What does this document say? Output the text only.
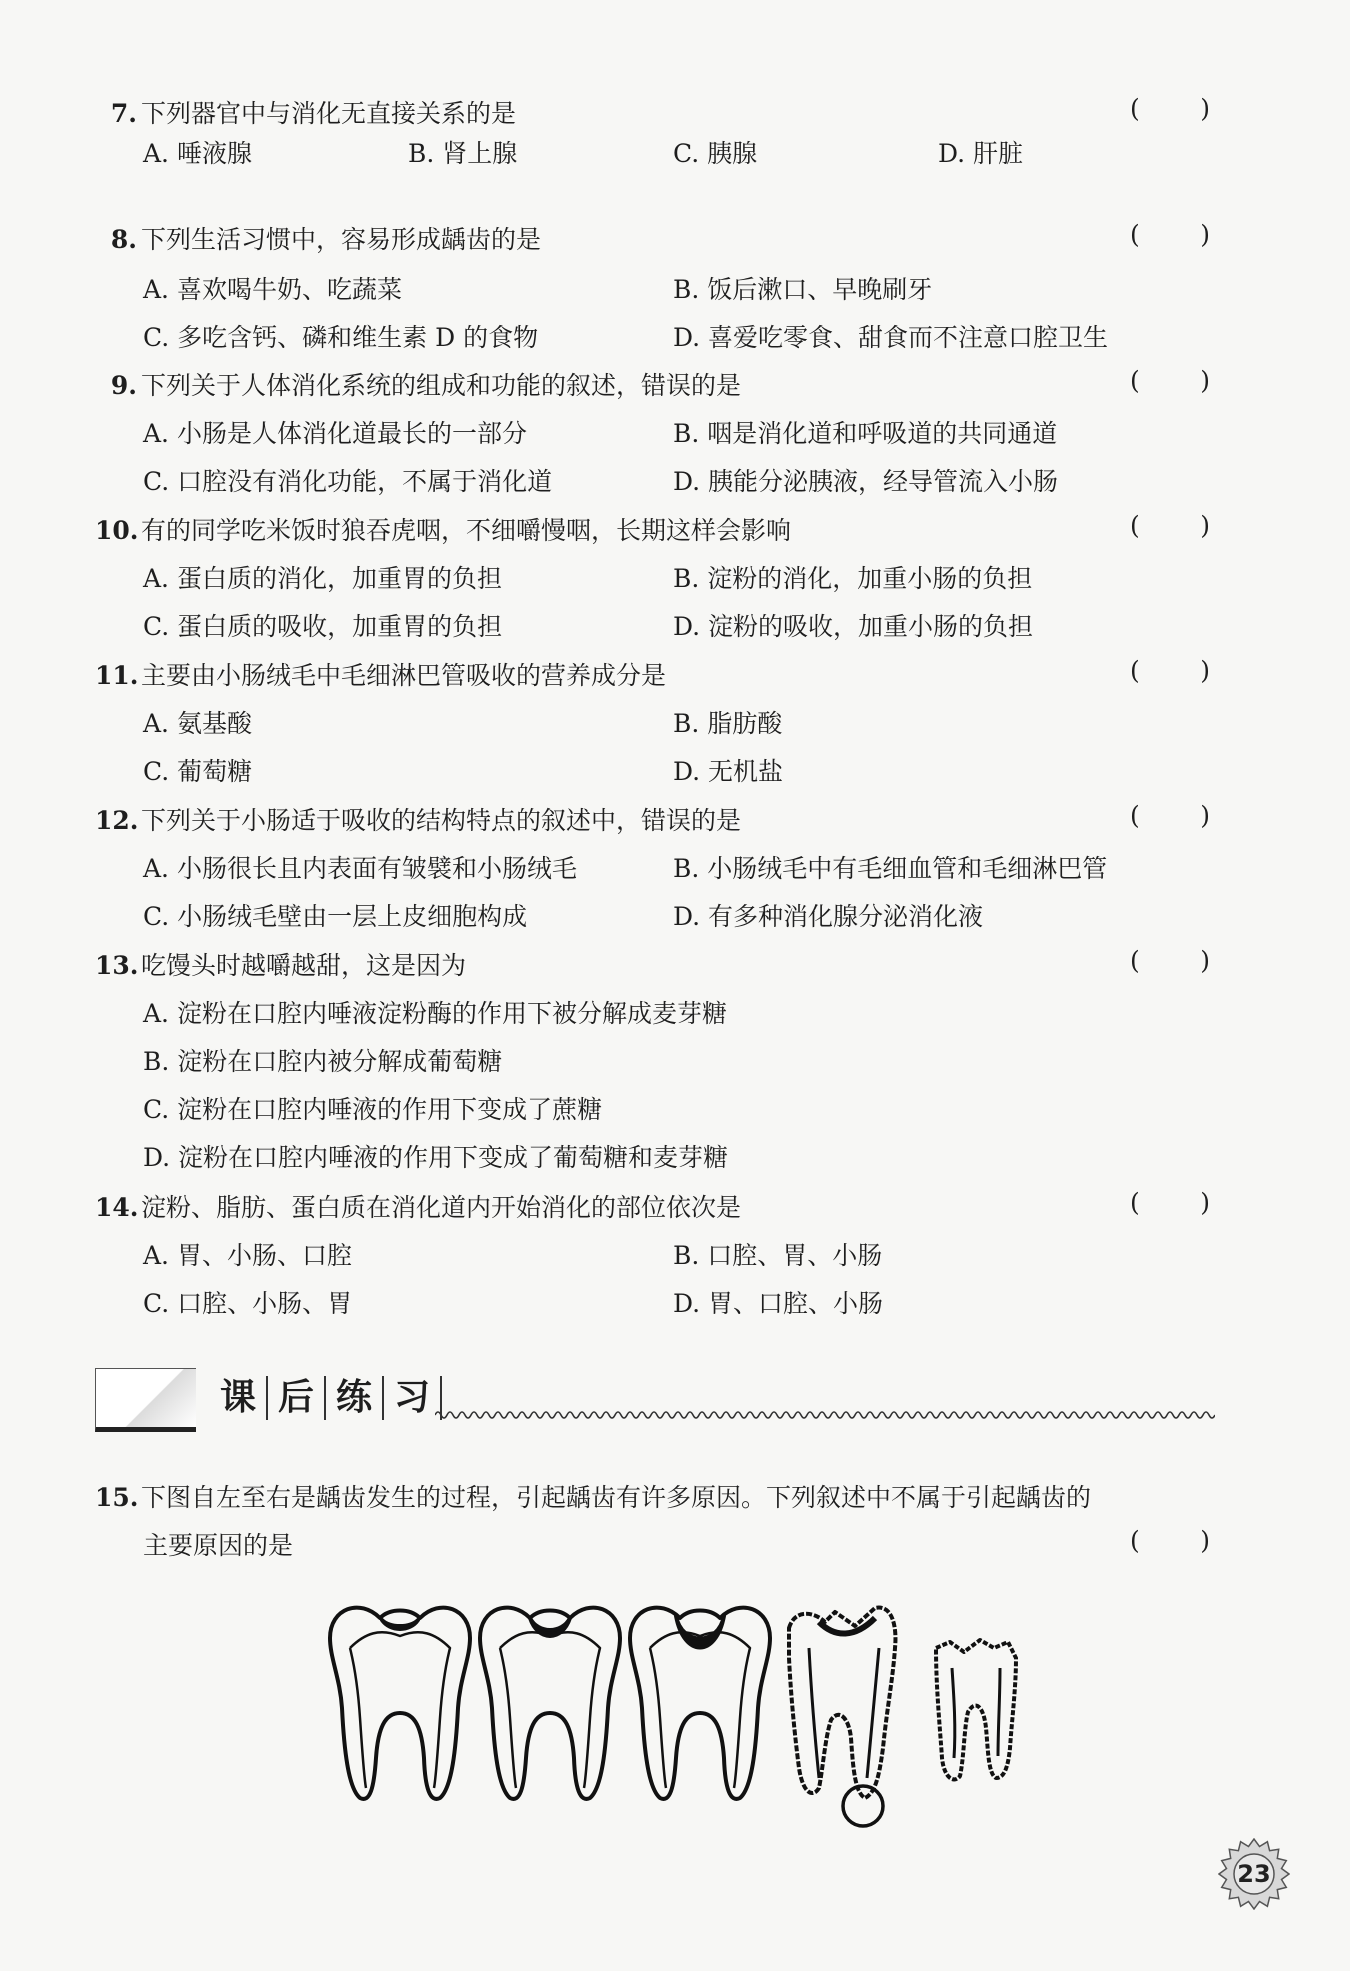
7. 下列器官中与消化无直接关系的是	( )
A. 唾液腺	B. 肾上腺	C. 胰腺	D. 肝脏
8. 下列生活习惯中，容易形成龋齿的是	( )
A. 喜欢喝牛奶、吃蔬菜	B. 饭后漱口、早晚刷牙
C. 多吃含钙、磷和维生素 D 的食物	D. 喜爱吃零食、甜食而不注意口腔卫生
9. 下列关于人体消化系统的组成和功能的叙述，错误的是	( )
A. 小肠是人体消化道最长的一部分	B. 咽是消化道和呼吸道的共同通道
C. 口腔没有消化功能，不属于消化道	D. 胰能分泌胰液，经导管流入小肠
10. 有的同学吃米饭时狼吞虎咽，不细嚼慢咽，长期这样会影响	( )
A. 蛋白质的消化，加重胃的负担	B. 淀粉的消化，加重小肠的负担
C. 蛋白质的吸收，加重胃的负担	D. 淀粉的吸收，加重小肠的负担
11. 主要由小肠绒毛中毛细淋巴管吸收的营养成分是	( )
A. 氨基酸	B. 脂肪酸
C. 葡萄糖	D. 无机盐
12. 下列关于小肠适于吸收的结构特点的叙述中，错误的是	( )
A. 小肠很长且内表面有皱襞和小肠绒毛	B. 小肠绒毛中有毛细血管和毛细淋巴管
C. 小肠绒毛壁由一层上皮细胞构成	D. 有多种消化腺分泌消化液
13. 吃馒头时越嚼越甜，这是因为	( )
A. 淀粉在口腔内唾液淀粉酶的作用下被分解成麦芽糖
B. 淀粉在口腔内被分解成葡萄糖
C. 淀粉在口腔内唾液的作用下变成了蔗糖
D. 淀粉在口腔内唾液的作用下变成了葡萄糖和麦芽糖
14. 淀粉、脂肪、蛋白质在消化道内开始消化的部位依次是	( )
A. 胃、小肠、口腔	B. 口腔、胃、小肠
C. 口腔、小肠、胃	D. 胃、口腔、小肠
课 后 练 习
15. 下图自左至右是龋齿发生的过程，引起龋齿有许多原因。下列叙述中不属于引起龋齿的
主要原因的是	( )
23
